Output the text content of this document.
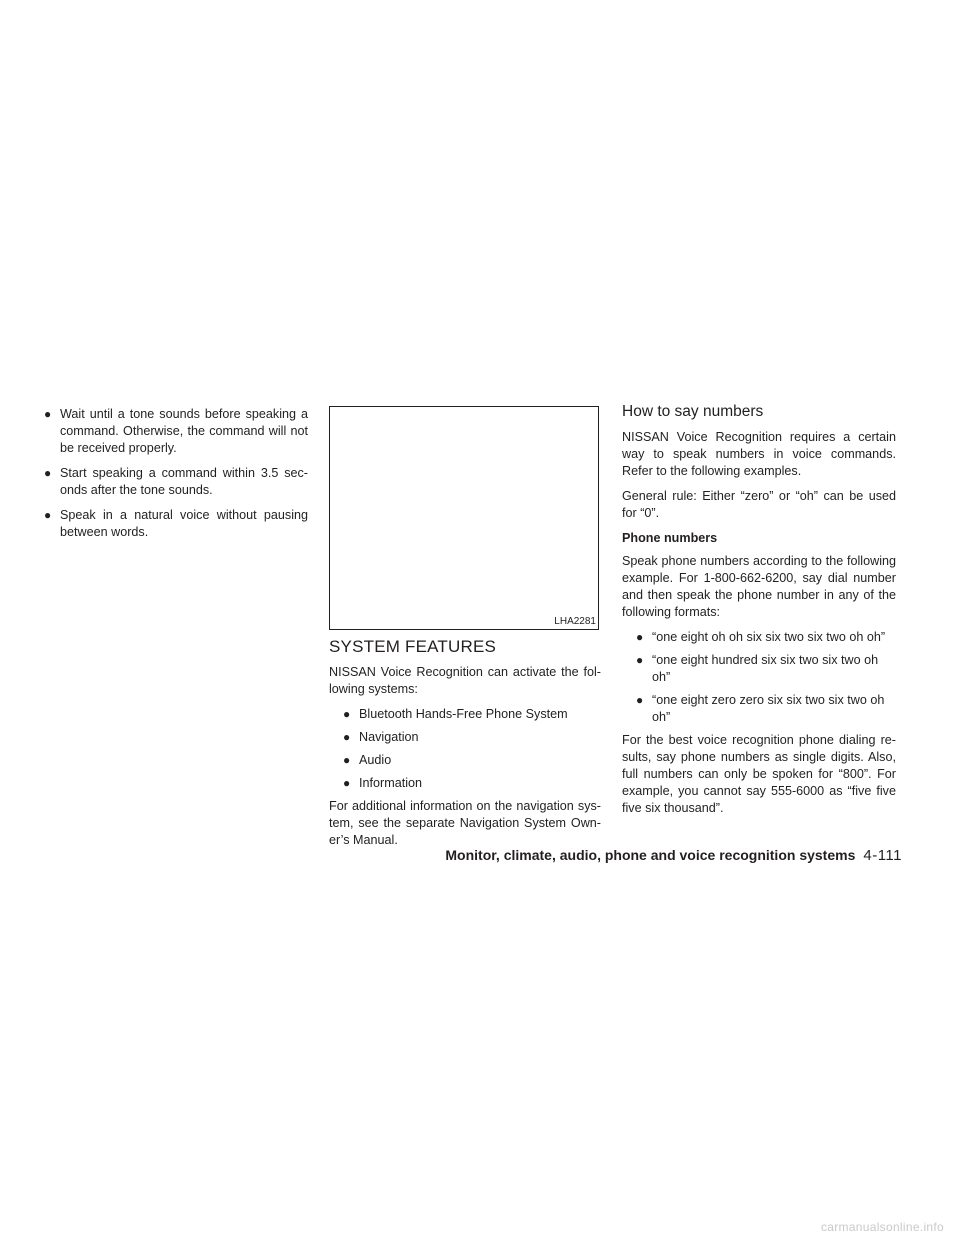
● Wait until a tone sounds before speaking a command. Otherwise, the command will not be received properly.
● Start speaking a command within 3.5 sec- onds after the tone sounds.
● Speak in a natural voice without pausing between words.
LHA2281
SYSTEM FEATURES

NISSAN Voice Recognition can activate the fol- lowing systems:

● Bluetooth Hands-Free Phone System
● Navigation
● Audio
● Information

For additional information on the navigation sys- tem, see the separate Navigation System Own- er’s Manual.

How to say numbers

NISSAN Voice Recognition requires a certain way to speak numbers in voice commands. Refer to the following examples.

General rule: Either “zero” or “oh” can be used for “0”.

Phone numbers

Speak phone numbers according to the following example. For 1-800-662-6200, say dial number and then speak the phone number in any of the following formats:

● “one eight oh oh six six two six two oh oh”
● “one eight hundred six six two six two oh oh”
● “one eight zero zero six six two six two oh oh”

For the best voice recognition phone dialing re- sults, say phone numbers as single digits. Also, full numbers can only be spoken for “800”. For example, you cannot say 555-6000 as “five five five six thousand”.

Monitor, climate, audio, phone and voice recognition systems 4-111
carmanualsonline.info
